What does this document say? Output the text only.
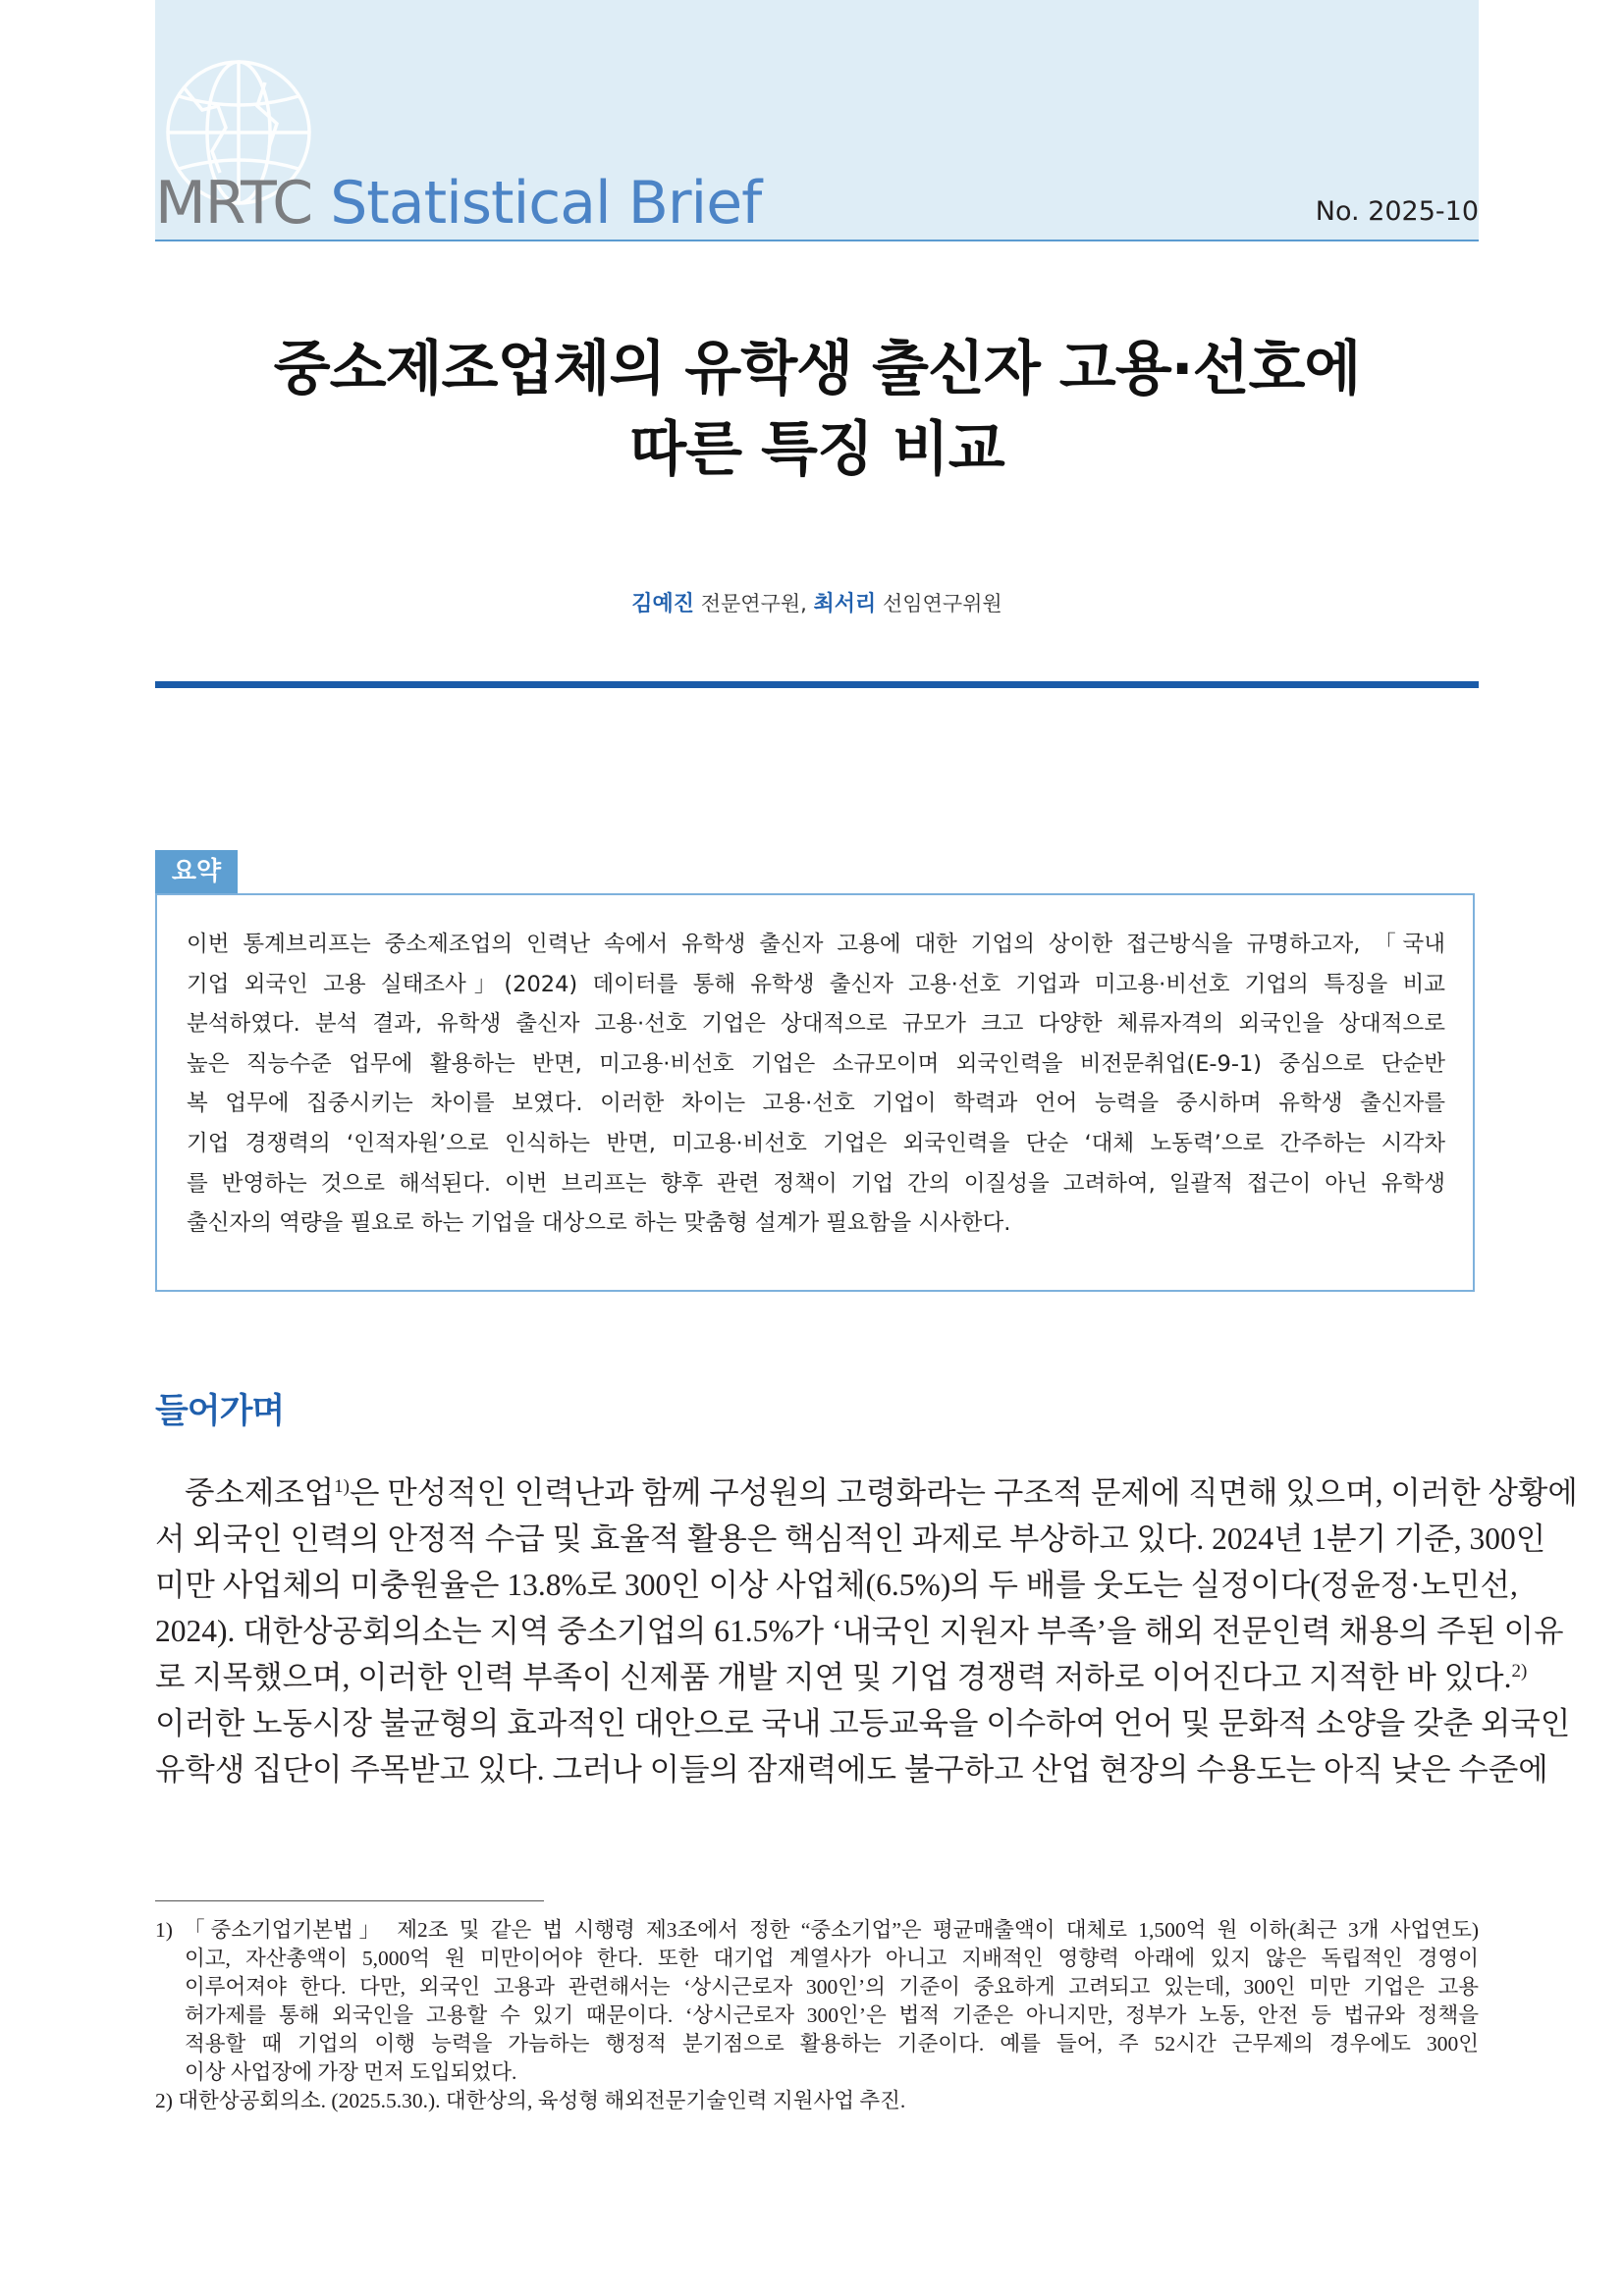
MRTC Statistical Brief	No. 2025-10
중소제조업체의 유학생 출신자 고용·선호에
따른 특징 비교
김예진 전문연구원, 최서리 선임연구위원
요약
이번 통계브리프는 중소제조업의 인력난 속에서 유학생 출신자 고용에 대한 기업의 상이한 접근방식을 규명하고자, 「국내
기업 외국인 고용 실태조사」(2024) 데이터를 통해 유학생 출신자 고용·선호 기업과 미고용·비선호 기업의 특징을 비교
분석하였다. 분석 결과, 유학생 출신자 고용·선호 기업은 상대적으로 규모가 크고 다양한 체류자격의 외국인을 상대적으로
높은 직능수준 업무에 활용하는 반면, 미고용·비선호 기업은 소규모이며 외국인력을 비전문취업(E-9-1) 중심으로 단순반
복 업무에 집중시키는 차이를 보였다. 이러한 차이는 고용·선호 기업이 학력과 언어 능력을 중시하며 유학생 출신자를
기업 경쟁력의 ‘인적자원’으로 인식하는 반면, 미고용·비선호 기업은 외국인력을 단순 ‘대체 노동력’으로 간주하는 시각차
를 반영하는 것으로 해석된다. 이번 브리프는 향후 관련 정책이 기업 간의 이질성을 고려하여, 일괄적 접근이 아닌 유학생
출신자의 역량을 필요로 하는 기업을 대상으로 하는 맞춤형 설계가 필요함을 시사한다.
들어가며
중소제조업$^{1)}$은 만성적인 인력난과 함께 구성원의 고령화라는 구조적 문제에 직면해 있으며, 이러한 상황에
서 외국인 인력의 안정적 수급 및 효율적 활용은 핵심적인 과제로 부상하고 있다. 2024년 1분기 기준, 300인
미만 사업체의 미충원율은 13.8%로 300인 이상 사업체(6.5%)의 두 배를 웃도는 실정이다(정윤정·노민선,
2024). 대한상공회의소는 지역 중소기업의 61.5%가 ‘내국인 지원자 부족’을 해외 전문인력 채용의 주된 이유
로 지목했으며, 이러한 인력 부족이 신제품 개발 지연 및 기업 경쟁력 저하로 이어진다고 지적한 바 있다.$^{2)}$
이러한 노동시장 불균형의 효과적인 대안으로 국내 고등교육을 이수하여 언어 및 문화적 소양을 갖춘 외국인
유학생 집단이 주목받고 있다. 그러나 이들의 잠재력에도 불구하고 산업 현장의 수용도는 아직 낮은 수준에
1) 「중소기업기본법」 제2조 및 같은 법 시행령 제3조에서 정한 “중소기업”은 평균매출액이 대체로 1,500억 원 이하(최근 3개 사업연도)
이고, 자산총액이 5,000억 원 미만이어야 한다. 또한 대기업 계열사가 아니고 지배적인 영향력 아래에 있지 않은 독립적인 경영이
이루어져야 한다. 다만, 외국인 고용과 관련해서는 ‘상시근로자 300인’의 기준이 중요하게 고려되고 있는데, 300인 미만 기업은 고용
허가제를 통해 외국인을 고용할 수 있기 때문이다. ‘상시근로자 300인’은 법적 기준은 아니지만, 정부가 노동, 안전 등 법규와 정책을
적용할 때 기업의 이행 능력을 가늠하는 행정적 분기점으로 활용하는 기준이다. 예를 들어, 주 52시간 근무제의 경우에도 300인
이상 사업장에 가장 먼저 도입되었다.
2) 대한상공회의소. (2025.5.30.). 대한상의, 육성형 해외전문기술인력 지원사업 추진.
